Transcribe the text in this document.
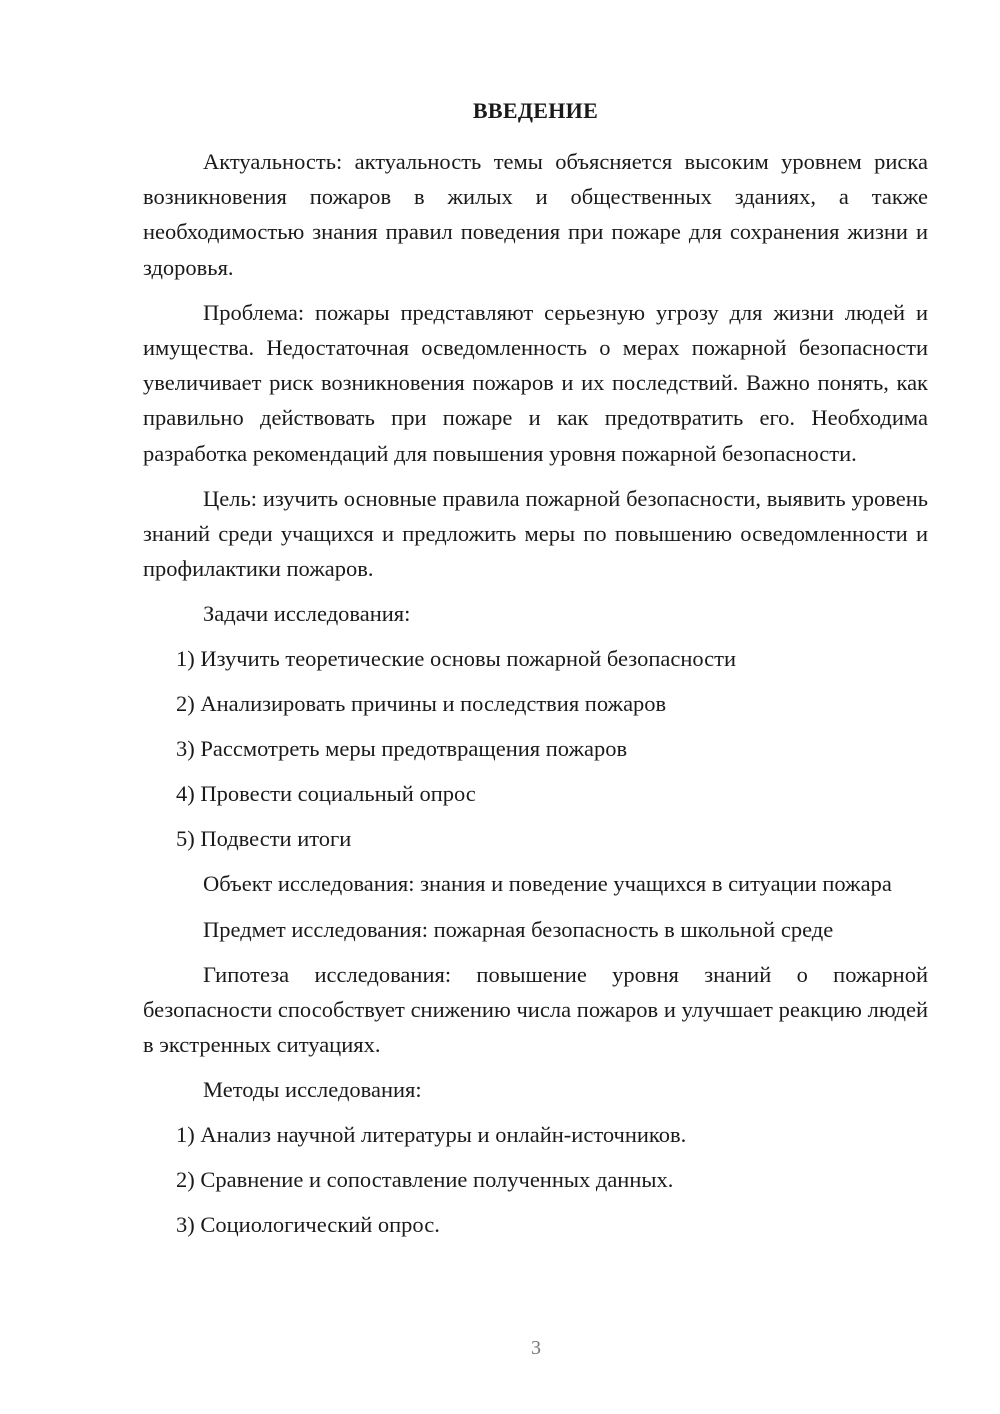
ВВЕДЕНИЕ

Актуальность: актуальность темы объясняется высоким уровнем риска возникновения пожаров в жилых и общественных зданиях, а также необходимостью знания правил поведения при пожаре для сохранения жизни и здоровья.

Проблема: пожары представляют серьезную угрозу для жизни людей и имущества. Недостаточная осведомленность о мерах пожарной безопасности увеличивает риск возникновения пожаров и их последствий. Важно понять, как правильно действовать при пожаре и как предотвратить его. Необходима разработка рекомендаций для повышения уровня пожарной безопасности.

Цель: изучить основные правила пожарной безопасности, выявить уровень знаний среди учащихся и предложить меры по повышению осведомленности и профилактики пожаров.

Задачи исследования:
1) Изучить теоретические основы пожарной безопасности
2) Анализировать причины и последствия пожаров
3) Рассмотреть меры предотвращения пожаров
4) Провести социальный опрос
5) Подвести итоги

Объект исследования: знания и поведение учащихся в ситуации пожара

Предмет исследования: пожарная безопасность в школьной среде

Гипотеза исследования: повышение уровня знаний о пожарной безопасности способствует снижению числа пожаров и улучшает реакцию людей в экстренных ситуациях.

Методы исследования:
1) Анализ научной литературы и онлайн-источников.
2) Сравнение и сопоставление полученных данных.
3) Социологический опрос.
3
